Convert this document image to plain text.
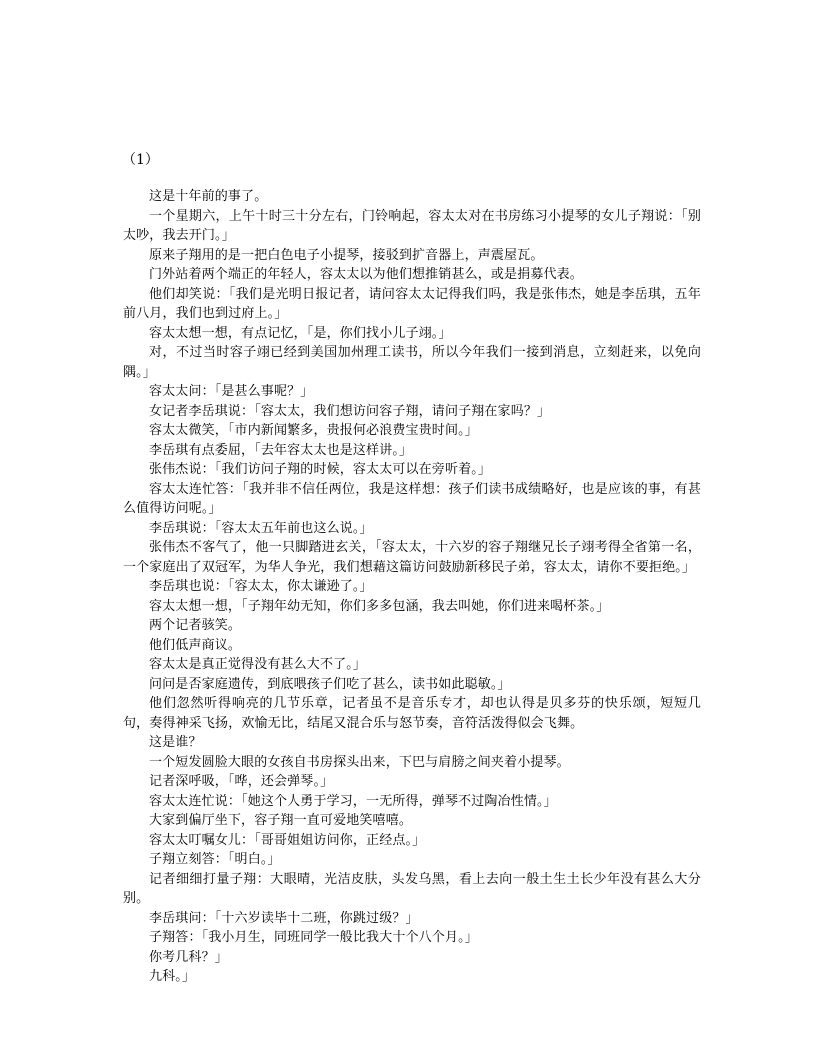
（1）

这是十年前的事了。

一个星期六，上午十时三十分左右，门铃响起，容太太对在书房练习小提琴的女儿子翔说：「别太吵，我去开门。」

原来子翔用的是一把白色电子小提琴，接驳到扩音器上，声震屋瓦。

门外站着两个端正的年轻人，容太太以为他们想推销甚么，或是捐募代表。

他们却笑说：「我们是光明日报记者，请问容太太记得我们吗，我是张伟杰，她是李岳琪，五年前八月，我们也到过府上。」

容太太想一想，有点记忆，「是，你们找小儿子翊。」

对，不过当时容子翊已经到美国加州理工读书，所以今年我们一接到消息，立刻赶来，以免向隅。」

容太太问：「是甚么事呢？」

女记者李岳琪说：「容太太，我们想访问容子翔，请问子翔在家吗？」

容太太微笑，「市内新闻繁多，贵报何必浪费宝贵时间。」

李岳琪有点委屈，「去年容太太也是这样讲。」

张伟杰说：「我们访问子翔的时候，容太太可以在旁听着。」

容太太连忙答：「我并非不信任两位，我是这样想：孩子们读书成绩略好，也是应该的事，有甚么值得访问呢。」

李岳琪说：「容太太五年前也这么说。」

张伟杰不客气了，他一只脚踏进玄关，「容太太，十六岁的容子翔继兄长子翊考得全省第一名，一个家庭出了双冠军，为华人争光，我们想藉这篇访问鼓励新移民子弟，容太太，请你不要拒绝。」

李岳琪也说：「容太太，你太谦逊了。」

容太太想一想，「子翔年幼无知，你们多多包涵，我去叫她，你们进来喝杯茶。」

两个记者骇笑。

他们低声商议。

容太太是真正觉得没有甚么大不了。」

问问是否家庭遗传，到底喂孩子们吃了甚么，读书如此聪敏。」

他们忽然听得响亮的几节乐章，记者虽不是音乐专才，却也认得是贝多芬的快乐颂，短短几句，奏得神采飞扬，欢愉无比，结尾又混合乐与怒节奏，音符活泼得似会飞舞。

这是谁？

一个短发圆脸大眼的女孩自书房探头出来，下巴与肩膀之间夹着小提琴。

记者深呼吸，「哗，还会弹琴。」

容太太连忙说：「她这个人勇于学习，一无所得，弹琴不过陶冶性情。」

大家到偏厅坐下，容子翔一直可爱地笑嘻嘻。

容太太叮嘱女儿：「哥哥姐姐访问你，正经点。」

子翔立刻答：「明白。」

记者细细打量子翔：大眼晴，光洁皮肤，头发乌黑，看上去向一般土生土长少年没有甚么大分别。

李岳琪问：「十六岁读毕十二班，你跳过级？」

子翔答：「我小月生，同班同学一般比我大十个八个月。」

你考几科？」

九科。」
